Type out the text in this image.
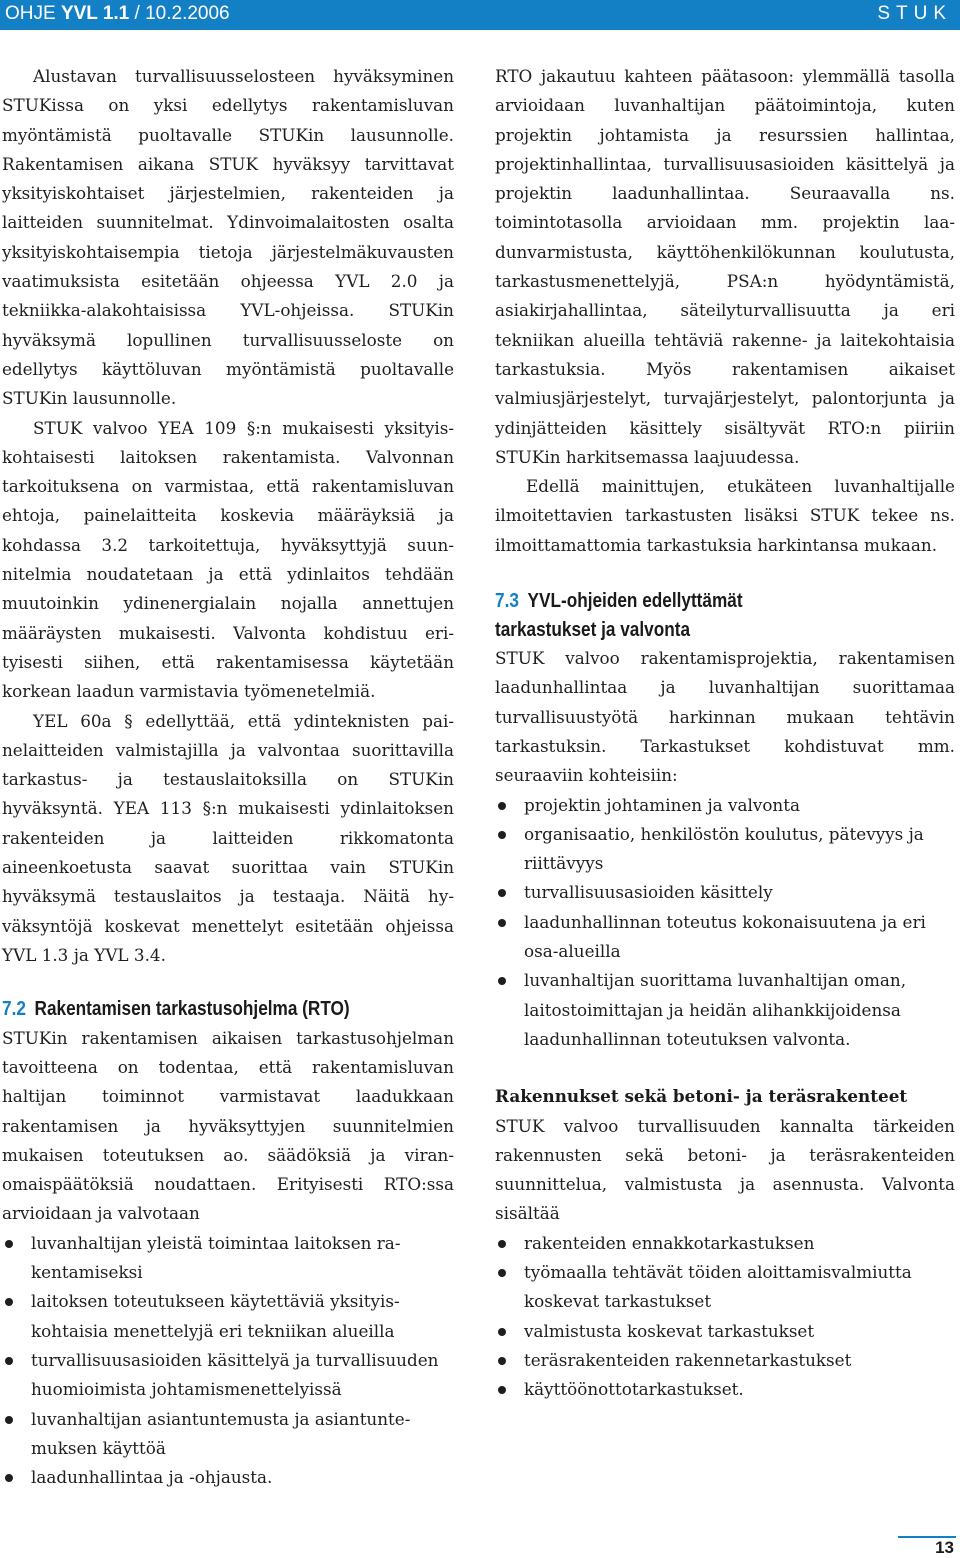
OHJE YVL 1.1 / 10.2.2006	STUK

Alustavan turvallisuusselosteen hyväksyminen STUKissa on yksi edellytys rakentamisluvan myöntämistä puoltavalle STUKin lausunnolle. Rakentamisen aikana STUK hyväksyy tarvittavat yksityiskohtaiset järjestelmien, rakenteiden ja laitteiden suunnitelmat. Ydinvoimalaitosten osalta yksityiskohtaisempia tietoja järjestelmäkuvausten vaatimuksista esitetään ohjeessa YVL 2.0 ja tekniikka-alakohtaisissa YVL-ohjeissa. STUKin hyväksymä lopullinen turvallisuusseloste on edellytys käyttöluvan myöntämistä puoltavalle STUKin lausunnolle.

STUK valvoo YEA 109 §:n mukaisesti yksityiskohtaisesti laitoksen rakentamista. Valvonnan tarkoituksena on varmistaa, että rakentamisluvan ehtoja, painelaitteita koskevia määräyksiä ja kohdassa 3.2 tarkoitettuja, hyväksyttyjä suunnitelmia noudatetaan ja että ydinlaitos tehdään muutoinkin ydinenergialain nojalla annettujen määräysten mukaisesti. Valvonta kohdistuu erityisesti siihen, että rakentamisessa käytetään korkean laadun varmistavia työmenetelmiä.

YEL 60a § edellyttää, että ydinteknisten painelaitteiden valmistajilla ja valvontaa suorittavilla tarkastus- ja testauslaitoksilla on STUKin hyväksyntä. YEA 113 §:n mukaisesti ydinlaitoksen rakenteiden ja laitteiden rikkomatonta aineenkoetusta saavat suorittaa vain STUKin hyväksymä testauslaitos ja testaaja. Näitä hyväksyntöjä koskevat menettelyt esitetään ohjeissa YVL 1.3 ja YVL 3.4.

7.2 Rakentamisen tarkastusohjelma (RTO)

STUKin rakentamisen aikaisen tarkastusohjelman tavoitteena on todentaa, että rakentamisluvan haltijan toiminnot varmistavat laadukkaan rakentamisen ja hyväksyttyjen suunnitelmien mukaisen toteutuksen ao. säädöksiä ja viranomaispäätöksiä noudattaen. Erityisesti RTO:ssa arvioidaan ja valvotaan

luvanhaltijan yleistä toimintaa laitoksen rakentamiseksi
laitoksen toteutukseen käytettäviä yksityiskohtaisia menettelyjä eri tekniikan alueilla
turvallisuusasioiden käsittelyä ja turvallisuuden huomioimista johtamismenettelyissä
luvanhaltijan asiantuntemusta ja asiantuntemuksen käyttöä
laadunhallintaa ja -ohjausta.

RTO jakautuu kahteen päätasoon: ylemmällä tasolla arvioidaan luvanhaltijan päätoimintoja, kuten projektin johtamista ja resurssien hallintaa, projektinhallintaa, turvallisuusasioiden käsittelyä ja projektin laadunhallintaa. Seuraavalla ns. toimintotasolla arvioidaan mm. projektin laadunvarmistusta, käyttöhenkilökunnan koulutusta, tarkastusmenettelyjä, PSA:n hyödyntämistä, asiakirjahallintaa, säteilyturvallisuutta ja eri tekniikan alueilla tehtäviä rakenne- ja laitekohtaisia tarkastuksia. Myös rakentamisen aikaiset valmiusjärjestelyt, turvajärjestelyt, palontorjunta ja ydinjätteiden käsittely sisältyvät RTO:n piiriin STUKin harkitsemassa laajuudessa.

Edellä mainittujen, etukäteen luvanhaltijalle ilmoitettavien tarkastusten lisäksi STUK tekee ns. ilmoittamattomia tarkastuksia harkintansa mukaan.

7.3 YVL-ohjeiden edellyttämät
tarkastukset ja valvonta

STUK valvoo rakentamisprojektia, rakentamisen laadunhallintaa ja luvanhaltijan suorittamaa turvallisuustyötä harkinnan mukaan tehtävin tarkastuksin. Tarkastukset kohdistuvat mm. seuraaviin kohteisiin:

projektin johtaminen ja valvonta
organisaatio, henkilöstön koulutus, pätevyys ja riittävyys
turvallisuusasioiden käsittely
laadunhallinnan toteutus kokonaisuutena ja eri osa-alueilla
luvanhaltijan suorittama luvanhaltijan oman, laitostoimittajan ja heidän alihankkijoidensa laadunhallinnan toteutuksen valvonta.
Rakennukset sekä betoni- ja teräsrakenteet

STUK valvoo turvallisuuden kannalta tärkeiden rakennusten sekä betoni- ja teräsrakenteiden suunnittelua, valmistusta ja asennusta. Valvonta sisältää

rakenteiden ennakkotarkastuksen
työmaalla tehtävät töiden aloittamisvalmiutta koskevat tarkastukset
valmistusta koskevat tarkastukset
teräsrakenteiden rakennetarkastukset
käyttöönottotarkastukset.
13
